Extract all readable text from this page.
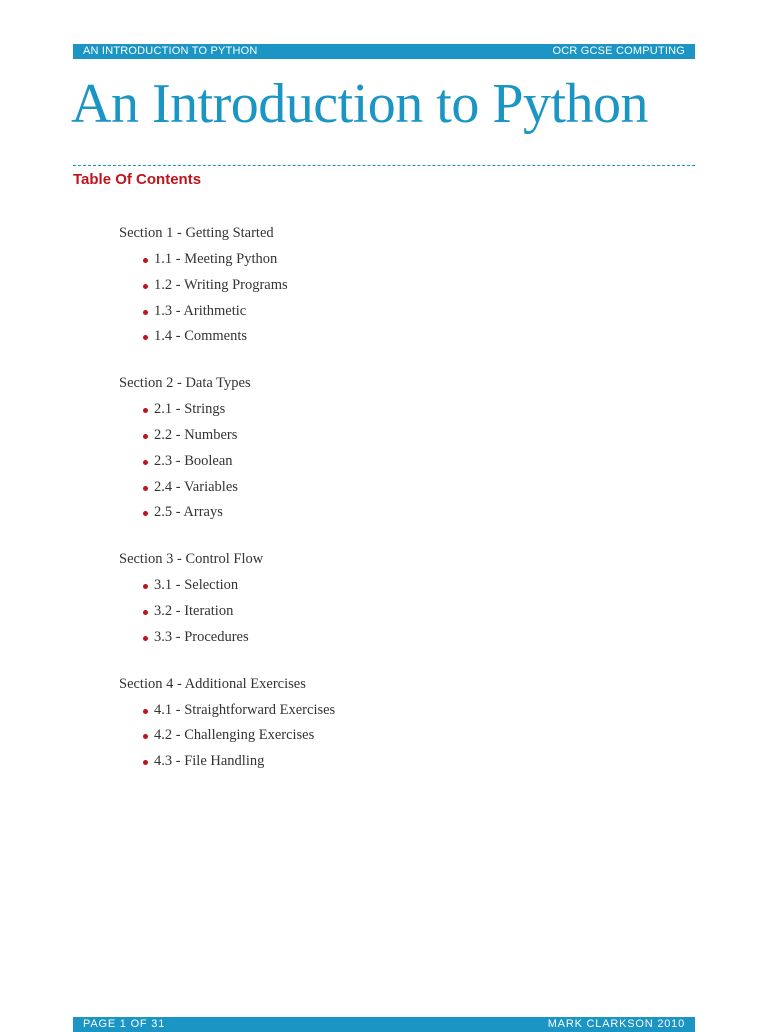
AN INTRODUCTION TO PYTHON	OCR GCSE COMPUTING
An Introduction to Python
Table Of Contents
Section 1 - Getting Started
1.1 - Meeting Python
1.2 - Writing Programs
1.3 - Arithmetic
1.4 - Comments
Section 2 - Data Types
2.1 - Strings
2.2 - Numbers
2.3 - Boolean
2.4 - Variables
2.5 - Arrays
Section 3 - Control Flow
3.1 - Selection
3.2 - Iteration
3.3 - Procedures
Section 4 - Additional Exercises
4.1 - Straightforward Exercises
4.2 - Challenging Exercises
4.3 - File Handling
PAGE 1 OF 31	MARK CLARKSON 2010
